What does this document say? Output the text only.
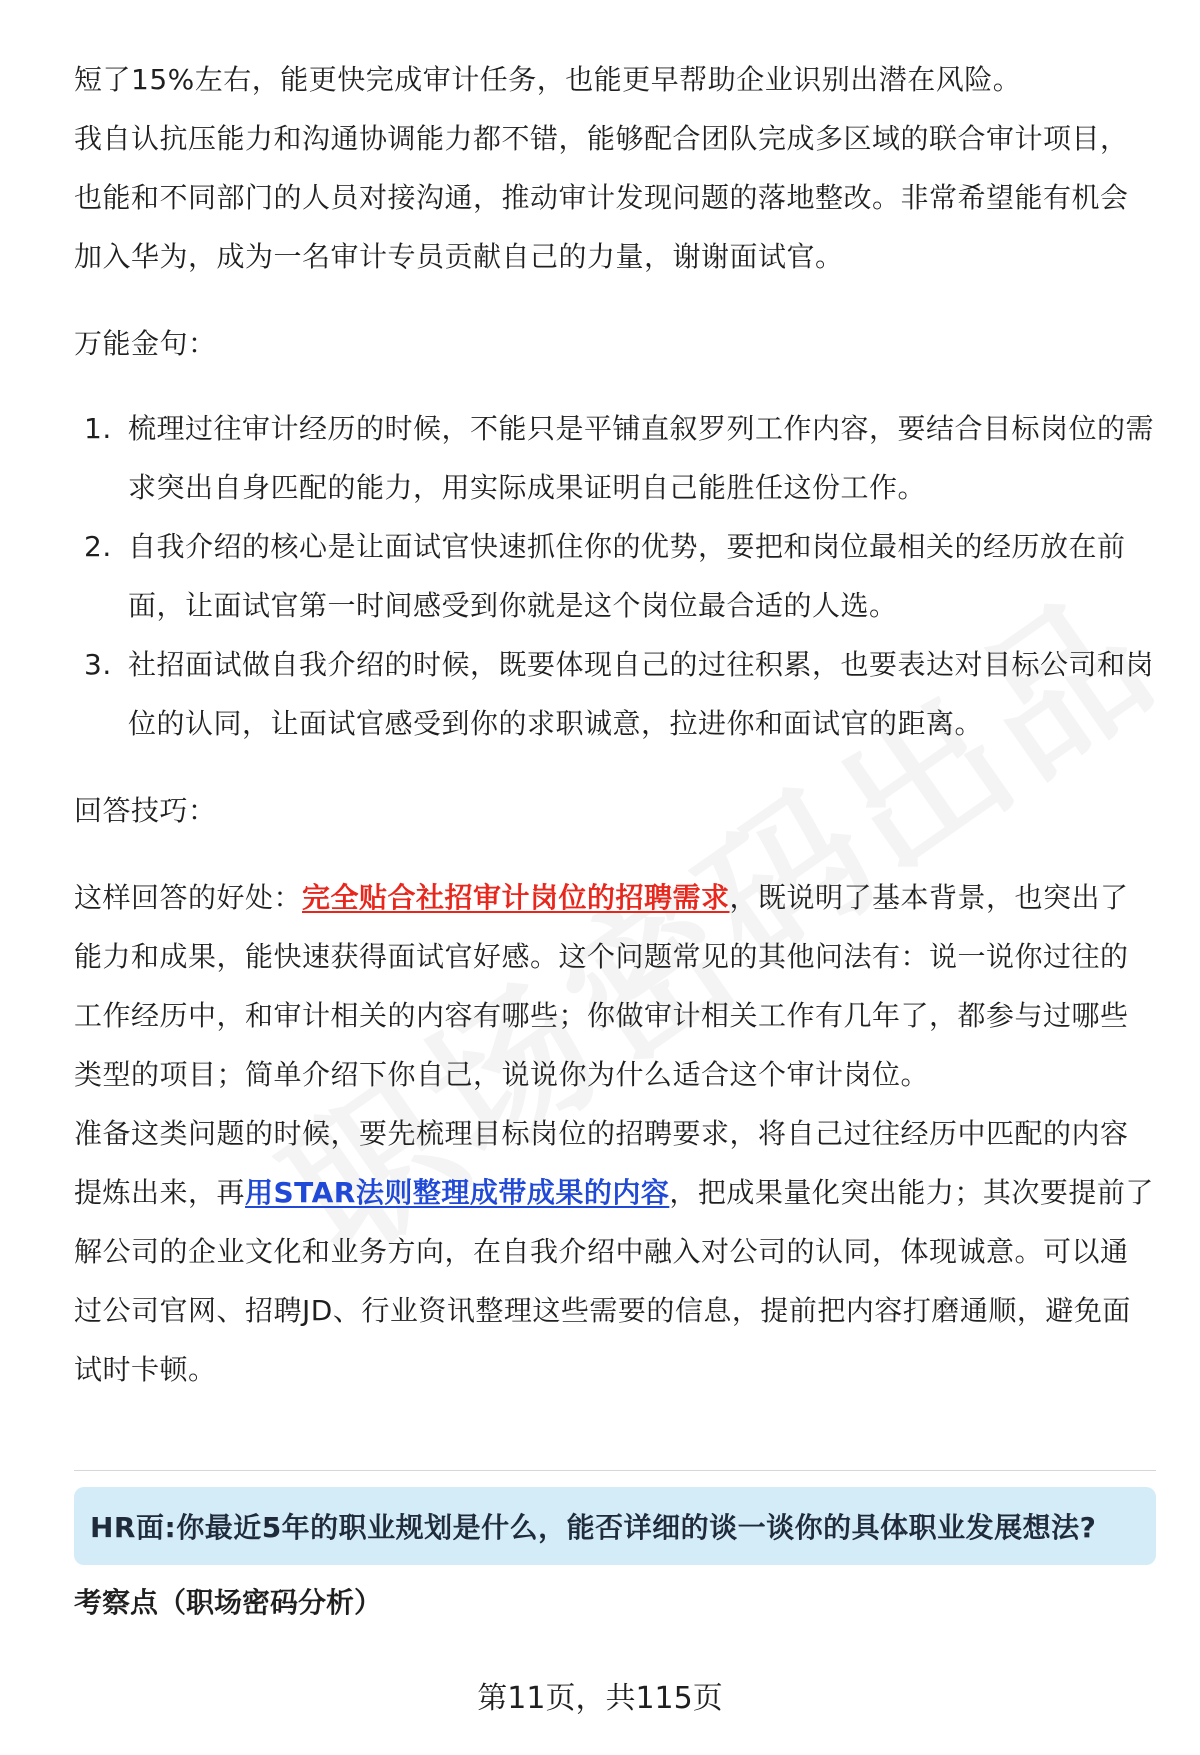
短了15%左右，能更快完成审计任务，也能更早帮助企业识别出潜在风险。

我自认抗压能力和沟通协调能力都不错，能够配合团队完成多区域的联合审计项目，也能和不同部门的人员对接沟通，推动审计发现问题的落地整改。非常希望能有机会加入华为，成为一名审计专员贡献自己的力量，谢谢面试官。

万能金句：

1. 梳理过往审计经历的时候，不能只是平铺直叙罗列工作内容，要结合目标岗位的需求突出自身匹配的能力，用实际成果证明自己能胜任这份工作。
2. 自我介绍的核心是让面试官快速抓住你的优势，要把和岗位最相关的经历放在前面，让面试官第一时间感受到你就是这个岗位最合适的人选。
3. 社招面试做自我介绍的时候，既要体现自己的过往积累，也要表达对目标公司和岗位的认同，让面试官感受到你的求职诚意，拉进你和面试官的距离。

回答技巧：

这样回答的好处：完全贴合社招审计岗位的招聘需求，既说明了基本背景，也突出了能力和成果，能快速获得面试官好感。这个问题常见的其他问法有：说一说你过往的工作经历中，和审计相关的内容有哪些；你做审计相关工作有几年了，都参与过哪些类型的项目；简单介绍下你自己，说说你为什么适合这个审计岗位。

准备这类问题的时候，要先梳理目标岗位的招聘要求，将自己过往经历中匹配的内容提炼出来，再用STAR法则整理成带成果的内容，把成果量化突出能力；其次要提前了解公司的企业文化和业务方向，在自我介绍中融入对公司的认同，体现诚意。可以通过公司官网、招聘JD、行业资讯整理这些需要的信息，提前把内容打磨通顺，避免面试时卡顿。

HR面:你最近5年的职业规划是什么，能否详细的谈一谈你的具体职业发展想法?
考察点（职场密码分析）
第11页，共115页
